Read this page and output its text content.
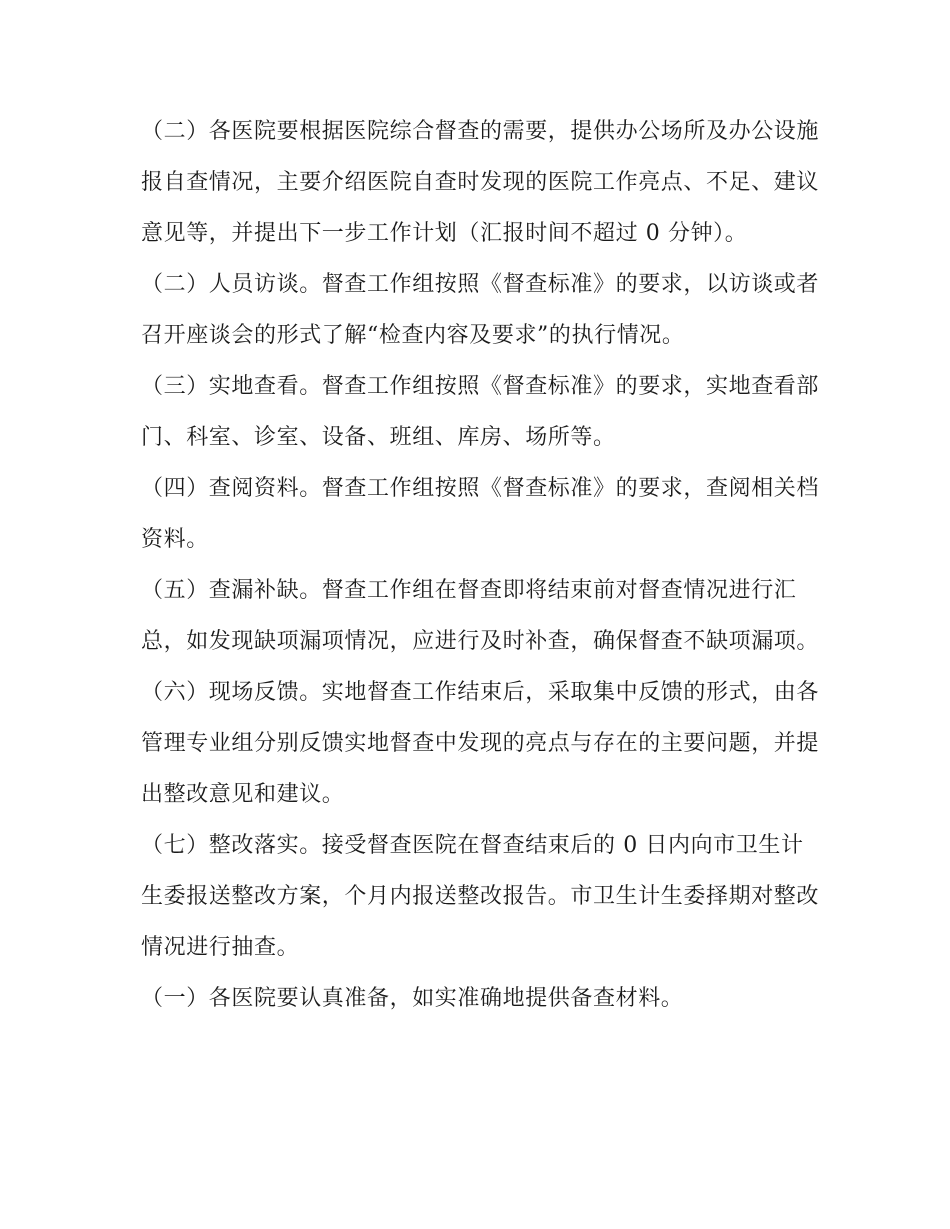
（二）各医院要根据医院综合督查的需要，提供办公场所及办公设施报自查情况，主要介绍医院自查时发现的医院工作亮点、不足、建议意见等，并提出下一步工作计划（汇报时间不超过 0 分钟）。

（二）人员访谈。督查工作组按照《督查标准》的要求，以访谈或者召开座谈会的形式了解“检查内容及要求”的执行情况。

（三）实地查看。督查工作组按照《督查标准》的要求，实地查看部门、科室、诊室、设备、班组、库房、场所等。

（四）查阅资料。督查工作组按照《督查标准》的要求，查阅相关档资料。

（五）查漏补缺。督查工作组在督查即将结束前对督查情况进行汇总，如发现缺项漏项情况，应进行及时补查，确保督查不缺项漏项。

（六）现场反馈。实地督查工作结束后，采取集中反馈的形式，由各管理专业组分别反馈实地督查中发现的亮点与存在的主要问题，并提出整改意见和建议。

（七）整改落实。接受督查医院在督查结束后的 0 日内向市卫生计生委报送整改方案，个月内报送整改报告。市卫生计生委择期对整改情况进行抽查。

（一）各医院要认真准备，如实准确地提供备查材料。
